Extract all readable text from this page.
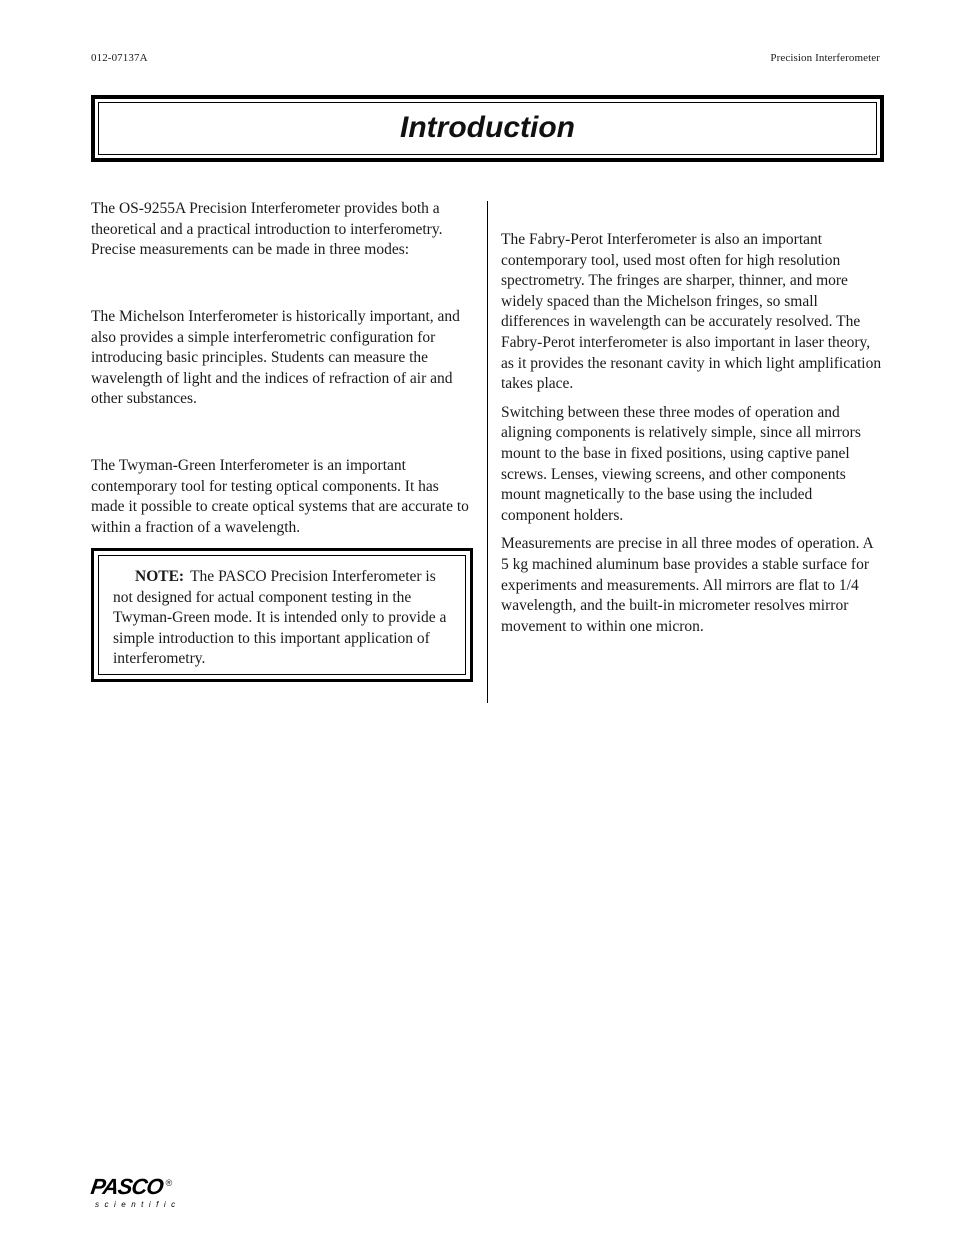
012-07137A	Precision Interferometer
Introduction

The OS-9255A Precision Interferometer provides both a theoretical and a practical introduction to interferometry. Precise measurements can be made in three modes:

The Michelson Interferometer is historically important, and also provides a simple interferometric configuration for introducing basic principles. Students can measure the wavelength of light and the indices of refraction of air and other substances.

The Twyman-Green Interferometer is an important contemporary tool for testing optical components. It has made it possible to create optical systems that are accurate to within a fraction of a wavelength.

NOTE: The PASCO Precision Interferometer is not designed for actual component testing in the Twyman-Green mode. It is intended only to provide a simple introduction to this important application of interferometry.

The Fabry-Perot Interferometer is also an important contemporary tool, used most often for high resolution spectrometry. The fringes are sharper, thinner, and more widely spaced than the Michelson fringes, so small differences in wavelength can be accurately resolved. The Fabry-Perot interferometer is also important in laser theory, as it provides the resonant cavity in which light amplification takes place.

Switching between these three modes of operation and aligning components is relatively simple, since all mirrors mount to the base in fixed positions, using captive panel screws. Lenses, viewing screens, and other components mount magnetically to the base using the included component holders.

Measurements are precise in all three modes of operation. A 5 kg machined aluminum base provides a stable surface for experiments and measurements. All mirrors are flat to 1/4 wavelength, and the built-in micrometer resolves mirror movement to within one micron.

PASCO®
scientific
